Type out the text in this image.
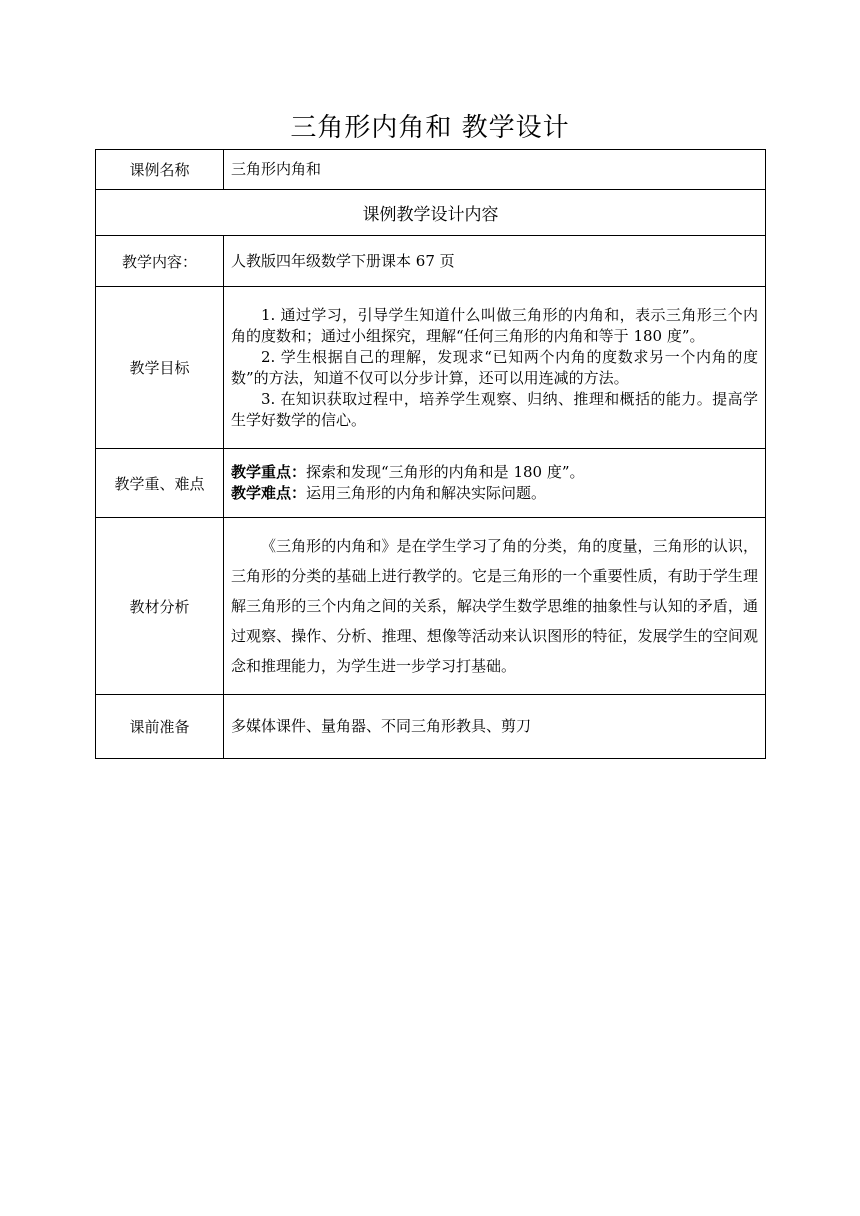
三角形内角和 教学设计
课例名称	三角形内角和
课例教学设计内容	
教学内容：	人教版四年级数学下册课本 67 页
教学目标	1. 通过学习，引导学生知道什么叫做三角形的内角和，表示三角形三个内角的度数和；通过小组探究，理解“任何三角形的内角和等于 180 度”。

2. 学生根据自己的理解，发现求“已知两个内角的度数求另一个内角的度数”的方法，知道不仅可以分步计算，还可以用连减的方法。

3. 在知识获取过程中，培养学生观察、归纳、推理和概括的能力。提高学生学好数学的信心。

教学重、难点	教学重点：探索和发现“三角形的内角和是 180 度”。
教学难点：运用三角形的内角和解决实际问题。

教材分析	《三角形的内角和》是在学生学习了角的分类，角的度量，三角形的认识，三角形的分类的基础上进行教学的。它是三角形的一个重要性质，有助于学生理解三角形的三个内角之间的关系，解决学生数学思维的抽象性与认知的矛盾，通过观察、操作、分析、推理、想像等活动来认识图形的特征，发展学生的空间观念和推理能力，为学生进一步学习打基础。

课前准备	多媒体课件、量角器、不同三角形教具、剪刀
